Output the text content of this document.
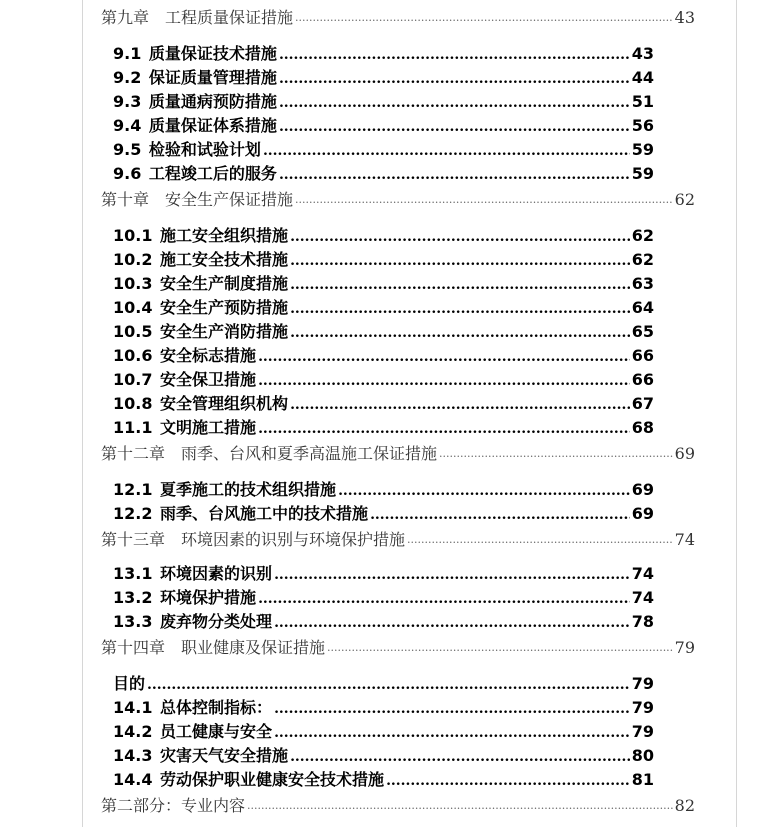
第九章　工程质量保证措施 .....	43
9.1 质量保证技术措施 .....	43
9.2 保证质量管理措施 .....	44
9.3 质量通病预防措施 .....	51
9.4 质量保证体系措施 .....	56
9.5 检验和试验计划 .....	59
9.6 工程竣工后的服务 .....	59
第十章　安全生产保证措施 .....	62
10.1 施工安全组织措施 .....	62
10.2 施工安全技术措施 .....	62
10.3 安全生产制度措施 .....	63
10.4 安全生产预防措施 .....	64
10.5 安全生产消防措施 .....	65
10.6 安全标志措施 .....	66
10.7 安全保卫措施 .....	66
10.8 安全管理组织机构 .....	67
11.1 文明施工措施 .....	68
第十二章　雨季、台风和夏季高温施工保证措施 .....	69
12.1 夏季施工的技术组织措施 .....	69
12.2 雨季、台风施工中的技术措施 .....	69
第十三章　环境因素的识别与环境保护措施 .....	74
13.1 环境因素的识别 .....	74
13.2 环境保护措施 .....	74
13.3 废弃物分类处理 .....	78
第十四章　职业健康及保证措施 .....	79
目的 .....	79
14.1 总体控制指标： .....	79
14.2 员工健康与安全 .....	79
14.3 灾害天气安全措施 .....	80
14.4 劳动保护职业健康安全技术措施 .....	81
第二部分：专业内容 .....	82
